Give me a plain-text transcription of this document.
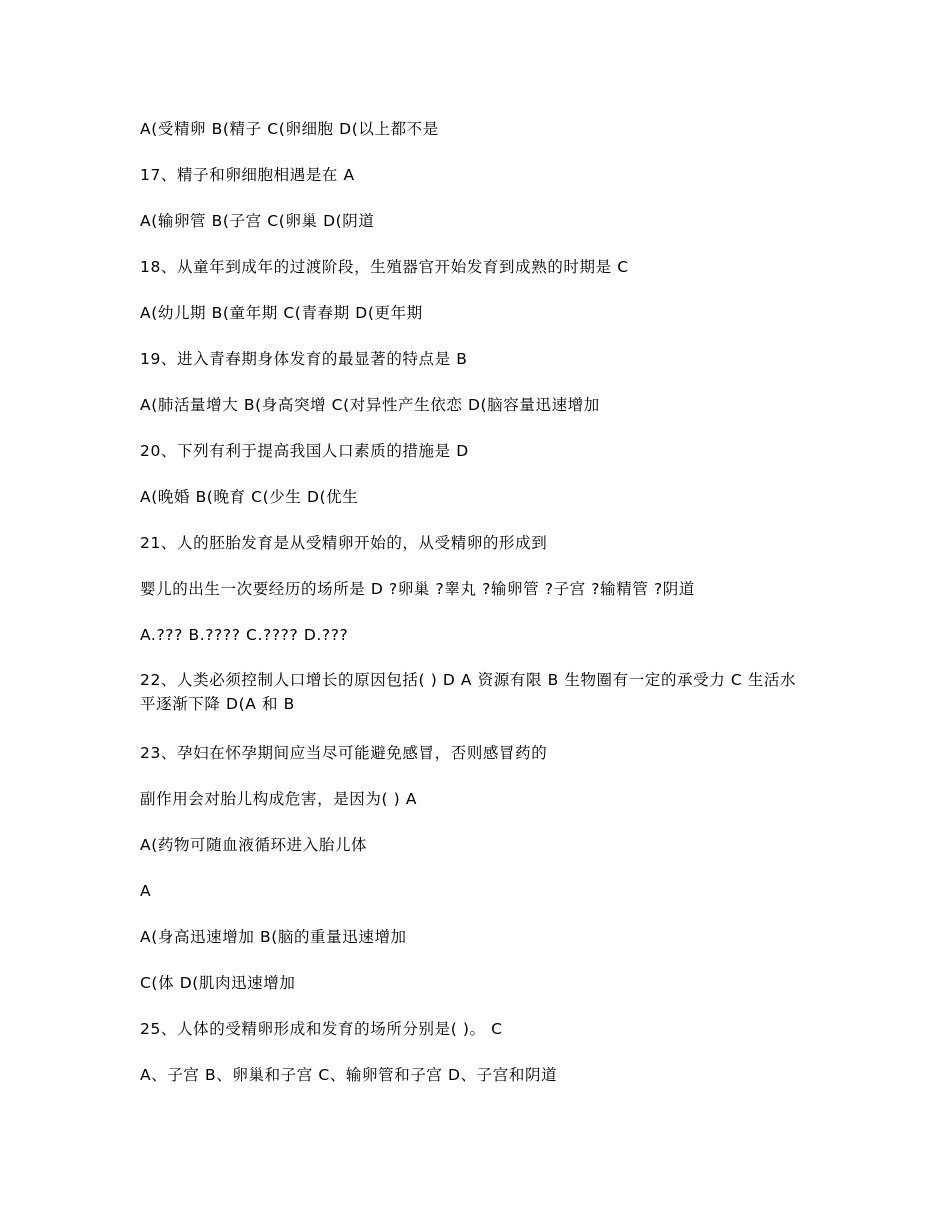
A(受精卵 B(精子 C(卵细胞 D(以上都不是
17、精子和卵细胞相遇是在 A
A(输卵管 B(子宫 C(卵巢 D(阴道
18、从童年到成年的过渡阶段，生殖器官开始发育到成熟的时期是 C
A(幼儿期 B(童年期 C(青春期 D(更年期
19、进入青春期身体发育的最显著的特点是 B
A(肺活量增大 B(身高突增 C(对异性产生依恋 D(脑容量迅速增加
20、下列有利于提高我国人口素质的措施是 D
A(晚婚 B(晚育 C(少生 D(优生
21、人的胚胎发育是从受精卵开始的，从受精卵的形成到
婴儿的出生一次要经历的场所是 D ?卵巢 ?睾丸 ?输卵管 ?子宫 ?输精管 ?阴道
A.??? B.???? C.???? D.???
22、人类必须控制人口增长的原因包括( ) D A 资源有限 B 生物圈有一定的承受力 C 生活水平逐渐下降 D(A 和 B
23、孕妇在怀孕期间应当尽可能避免感冒，否则感冒药的
副作用会对胎儿构成危害，是因为( ) A
A(药物可随血液循环进入胎儿体
A
A(身高迅速增加 B(脑的重量迅速增加
C(体 D(肌肉迅速增加
25、人体的受精卵形成和发育的场所分别是( )。 C
A、子宫 B、卵巢和子宫 C、输卵管和子宫 D、子宫和阴道
